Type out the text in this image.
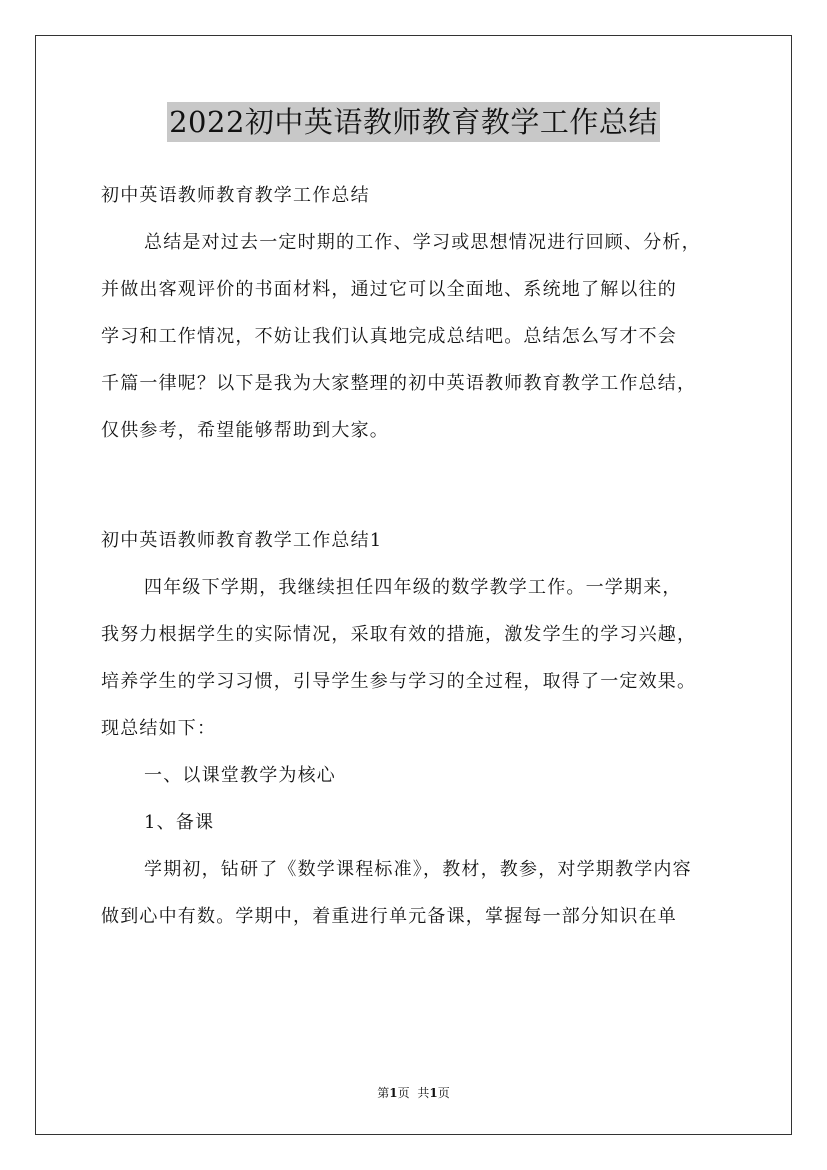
2022初中英语教师教育教学工作总结
初中英语教师教育教学工作总结
总结是对过去一定时期的工作、学习或思想情况进行回顾、分析，
并做出客观评价的书面材料，通过它可以全面地、系统地了解以往的
学习和工作情况，不妨让我们认真地完成总结吧。总结怎么写才不会
千篇一律呢？以下是我为大家整理的初中英语教师教育教学工作总结，
仅供参考，希望能够帮助到大家。
初中英语教师教育教学工作总结1
四年级下学期，我继续担任四年级的数学教学工作。一学期来，
我努力根据学生的实际情况，采取有效的措施，激发学生的学习兴趣，
培养学生的学习习惯，引导学生参与学习的全过程，取得了一定效果。
现总结如下：
一、以课堂教学为核心
1、备课
学期初，钻研了《数学课程标准》，教材，教参，对学期教学内容
做到心中有数。学期中，着重进行单元备课，掌握每一部分知识在单
第1页 共1页
